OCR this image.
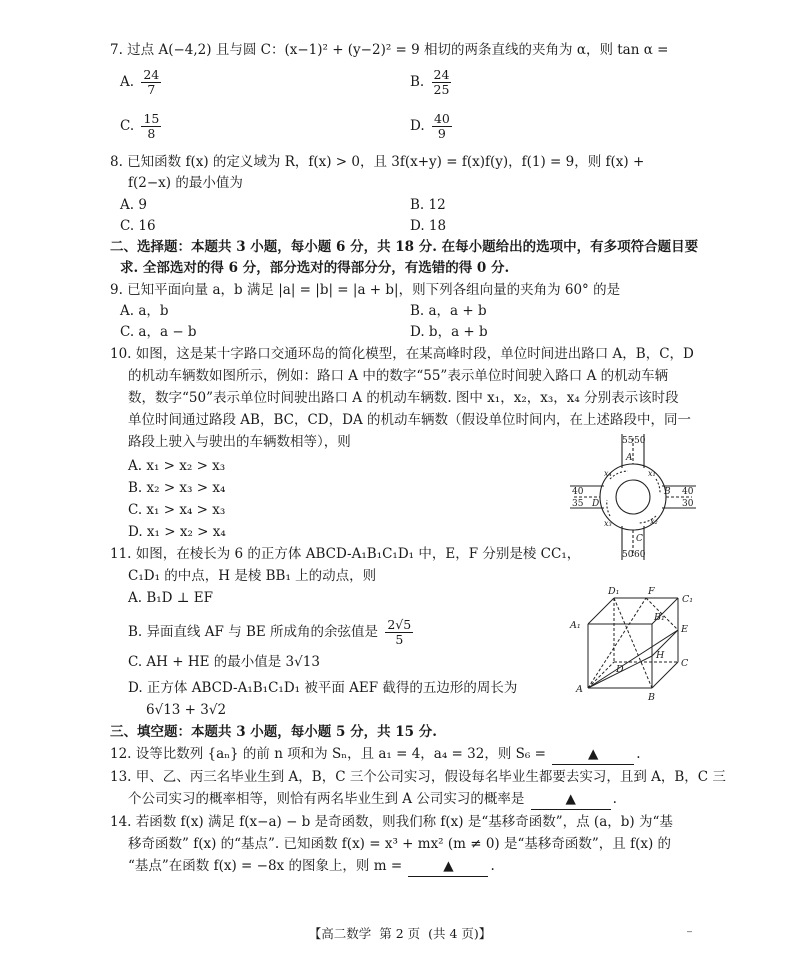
7. 过点 A(−4,2) 且与圆 C：(x−1)² + (y−2)² = 9 相切的两条直线的夹角为 α，则 tan α =
A. $\frac{24}{7}$	B. $\frac{24}{25}$
C. $\frac{15}{8}$	D. $\frac{40}{9}$
8. 已知函数 f(x) 的定义域为 R，f(x) > 0，且 3f(x+y) = f(x)f(y)，f(1) = 9，则 f(x) +
f(2−x) 的最小值为
A. 9	B. 12
C. 16	D. 18
二、选择题：本题共 3 小题，每小题 6 分，共 18 分. 在每小题给出的选项中，有多项符合题目要
求. 全部选对的得 6 分，部分选对的得部分分，有选错的得 0 分.
9. 已知平面向量 a，b 满足 |a| = |b| = |a + b|，则下列各组向量的夹角为 60° 的是
A. a，b	B. a，a + b
C. a，a − b	D. b，a + b
10. 如图，这是某十字路口交通环岛的简化模型，在某高峰时段，单位时间进出路口 A，B，C，D
的机动车辆数如图所示，例如：路口 A 中的数字“55”表示单位时间驶入路口 A 的机动车辆
数，数字“50”表示单位时间驶出路口 A 的机动车辆数. 图中 x₁，x₂，x₃，x₄ 分别表示该时段
单位时间通过路段 AB，BC，CD，DA 的机动车辆数（假设单位时间内，在上述路段中，同一
路段上驶入与驶出的车辆数相等），则
A. x₁ > x₂ > x₃
B. x₂ > x₃ > x₄
C. x₁ > x₄ > x₃
D. x₁ > x₂ > x₄
55 50
50 60
40
35
40
30
A
B
C
D
x₁
x₂
x₃
x₄
11. 如图，在棱长为 6 的正方体 ABCD-A₁B₁C₁D₁ 中，E，F 分别是棱 CC₁，
C₁D₁ 的中点，H 是棱 BB₁ 上的动点，则
A. B₁D ⊥ EF
B. 异面直线 AF 与 BE 所成角的余弦值是 $\frac{2√5}{5}$
C. AH + HE 的最小值是 3√13
D. 正方体 ABCD-A₁B₁C₁D₁ 被平面 AEF 截得的五边形的周长为
6√13 + 3√2
D₁	F
C₁
A₁
B₁
E
C
D
H
A
B
三、填空题：本题共 3 小题，每小题 5 分，共 15 分.
12. 设等比数列 {aₙ} 的前 n 项和为 Sₙ，且 a₁ = 4，a₄ = 32，则 S₆ =	▲	.
13. 甲、乙、丙三名毕业生到 A，B，C 三个公司实习，假设每名毕业生都要去实习，且到 A，B，C 三
个公司实习的概率相等，则恰有两名毕业生到 A 公司实习的概率是	▲	.
14. 若函数 f(x) 满足 f(x−a) − b 是奇函数，则我们称 f(x) 是“基移奇函数”，点 (a，b) 为“基
移奇函数” f(x) 的“基点”. 已知函数 f(x) = x³ + mx² (m ≠ 0) 是“基移奇函数”，且 f(x) 的
“基点”在函数 f(x) = −8x 的图象上，则 m =	▲	.
【高二数学 第 2 页 (共 4 页)】	﹣
